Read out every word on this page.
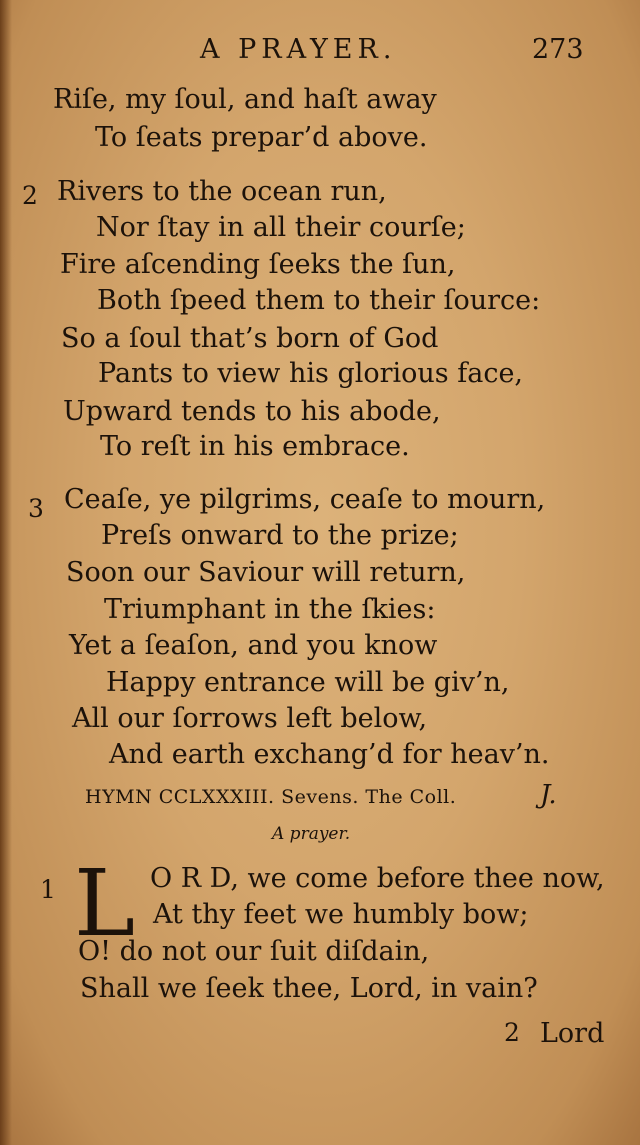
A PRAYER.	273
Riſe, my ſoul, and haſt away
To ſeats prepar’d above.
2 Rivers to the ocean run,
Nor ſtay in all their courſe;
Fire aſcending ſeeks the ſun,
Both ſpeed them to their ſource:
So a ſoul that’s born of God
Pants to view his glorious face,
Upward tends to his abode,
To reſt in his embrace.
3 Ceaſe, ye pilgrims, ceaſe to mourn,
Preſs onward to the prize;
Soon our Saviour will return,
Triumphant in the ſkies:
Yet a ſeaſon, and you know
Happy entrance will be giv’n,
All our ſorrows left below,
And earth exchang’d for heav’n.
HYMN CCLXXXIII. Sevens. The Coll.	J.
A prayer.
1 L O R D, we come before thee now,
At thy feet we humbly bow;
O! do not our ſuit diſdain,
Shall we ſeek thee, Lord, in vain?
2 Lord
